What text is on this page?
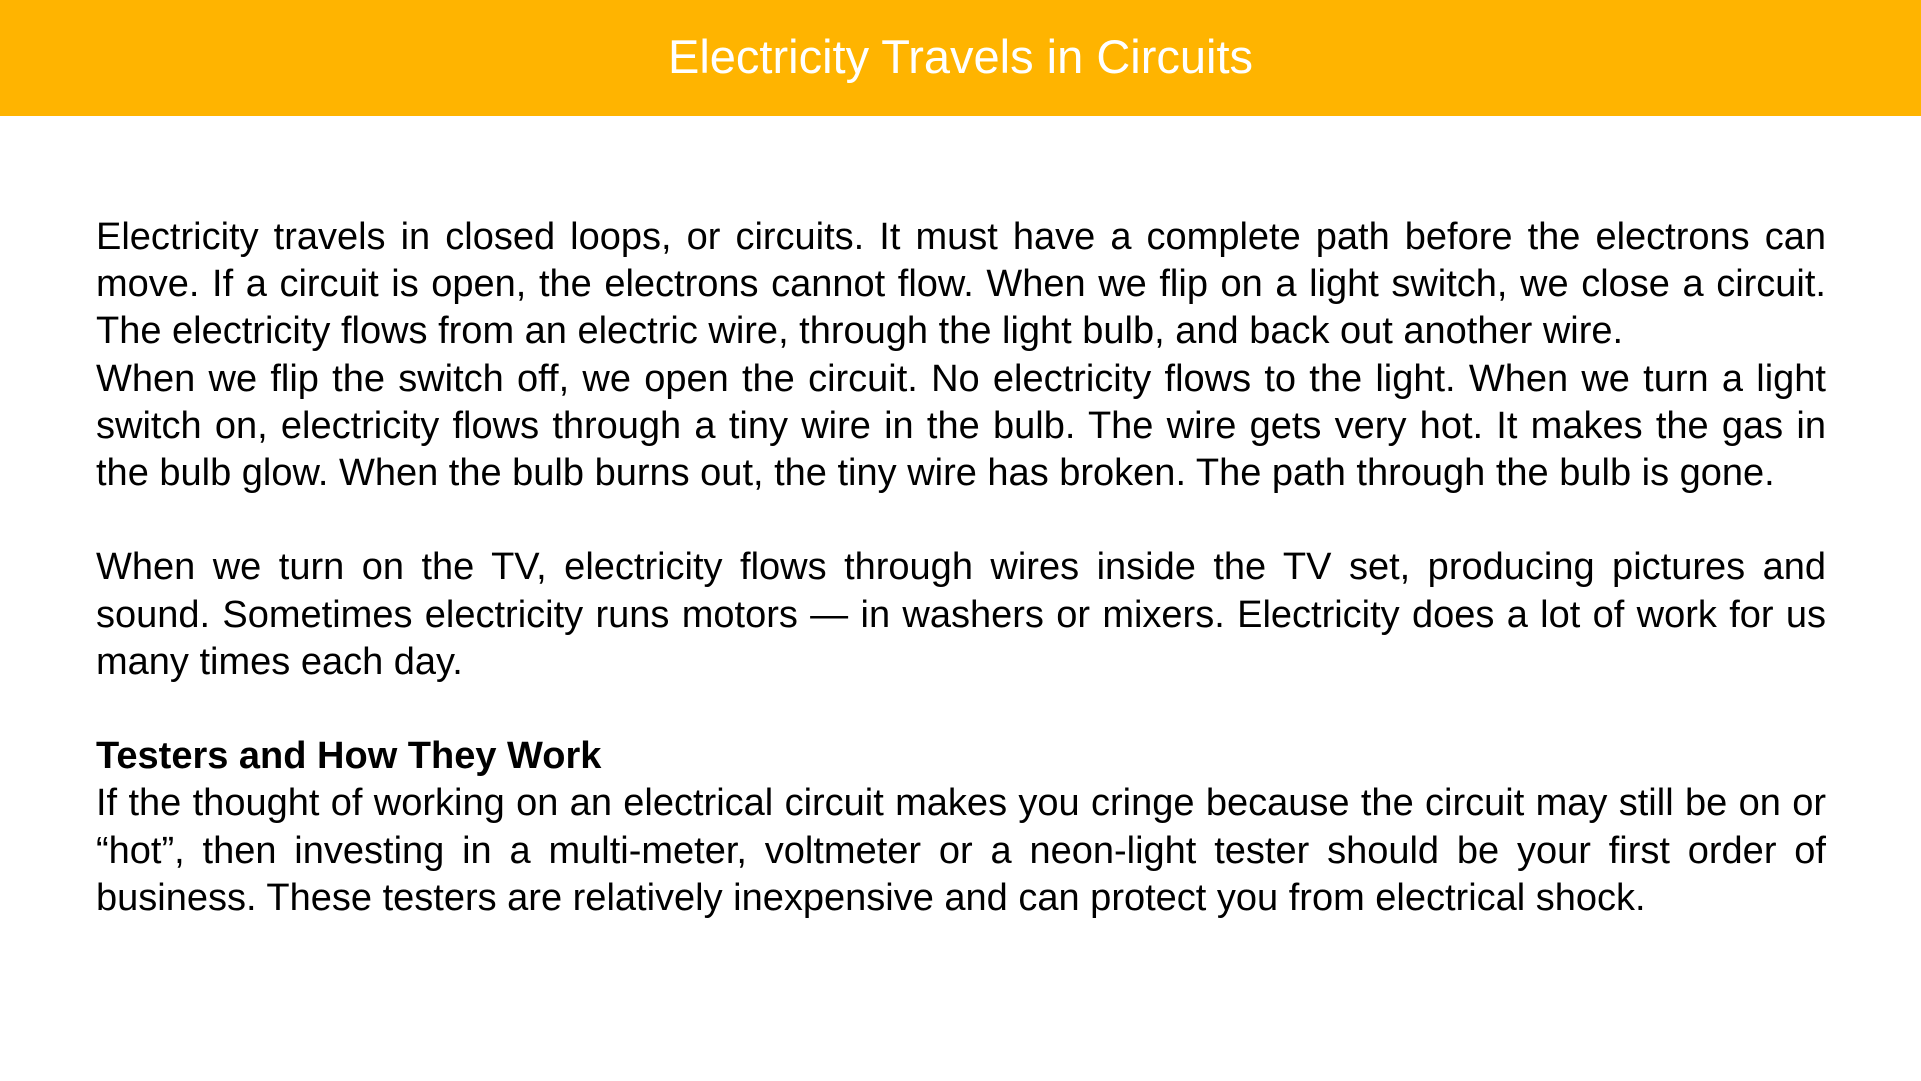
Electricity Travels in Circuits

Electricity travels in closed loops, or circuits. It must have a complete path before the electrons can move. If a circuit is open, the electrons cannot flow. When we flip on a light switch, we close a circuit. The electricity flows from an electric wire, through the light bulb, and back out another wire.

When we flip the switch off, we open the circuit. No electricity flows to the light. When we turn a light switch on, electricity flows through a tiny wire in the bulb. The wire gets very hot. It makes the gas in the bulb glow. When the bulb burns out, the tiny wire has broken. The path through the bulb is gone.

When we turn on the TV, electricity flows through wires inside the TV set, producing pictures and sound. Sometimes electricity runs motors — in washers or mixers. Electricity does a lot of work for us many times each day.

Testers and How They Work

If the thought of working on an electrical circuit makes you cringe because the circuit may still be on or “hot”, then investing in a multi-meter, voltmeter or a neon-light tester should be your first order of business. These testers are relatively inexpensive and can protect you from electrical shock.
